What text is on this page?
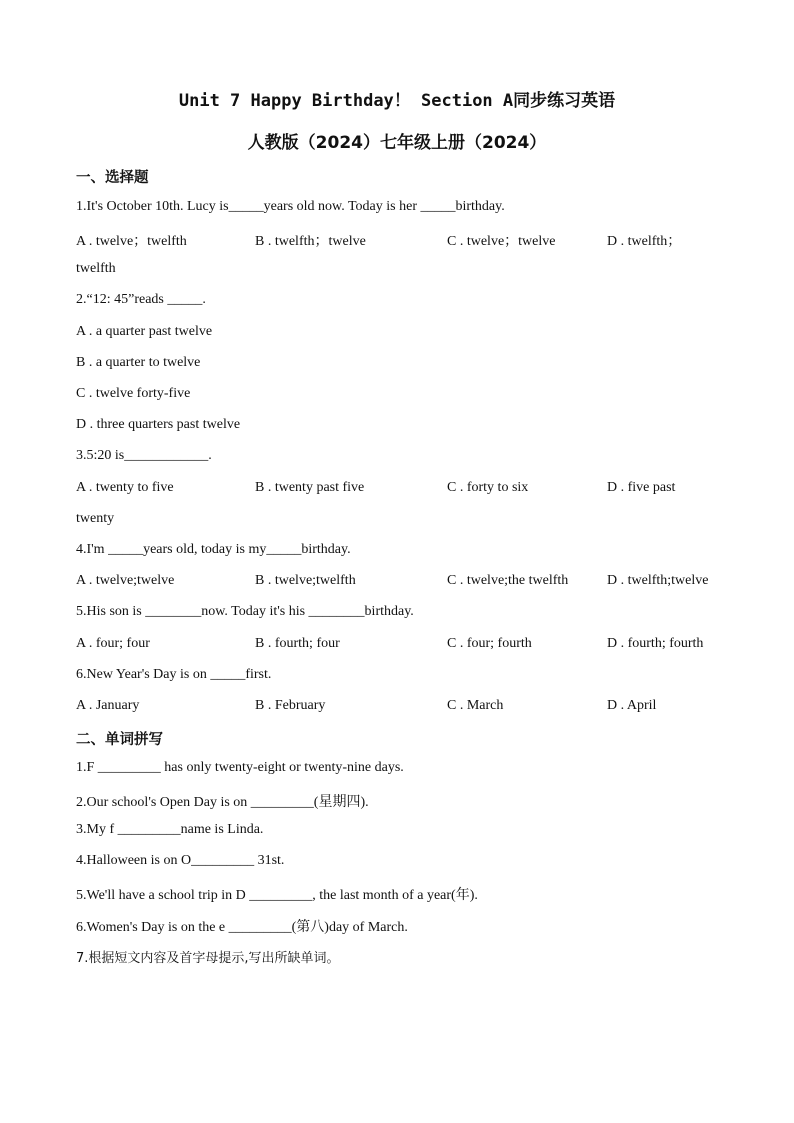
Unit 7 Happy Birthday！ Section A同步练习英语
人教版（2024）七年级上册（2024）
一、选择题
1.It's October 10th. Lucy is_____years old now. Today is her _____birthday.
A . twelve；twelfth	B . twelfth；twelve	C . twelve；twelve	D . twelfth；
twelfth
2.“12: 45”reads _____.
A . a quarter past twelve
B . a quarter to twelve
C . twelve forty-five
D . three quarters past twelve
3.5:20 is____________.
A . twenty to five	B . twenty past five	C . forty to six	D . five past
twenty
4.I'm _____years old, today is my_____birthday.
A . twelve;twelve	B . twelve;twelfth	C . twelve;the twelfth	D . twelfth;twelve
5.His son is ________now. Today it's his ________birthday.
A . four; four	B . fourth; four	C . four; fourth	D . fourth; fourth
6.New Year's Day is on _____first.
A . January	B . February	C . March	D . April
二、单词拼写
1.F _________ has only twenty-eight or twenty-nine days.
2.Our school's Open Day is on _________(星期四).
3.My f _________name is Linda.
4.Halloween is on O_________ 31st.
5.We'll have a school trip in D _________, the last month of a year(年).
6.Women's Day is on the e _________(第八)day of March.
7.根据短文内容及首字母提示,写出所缺单词。
